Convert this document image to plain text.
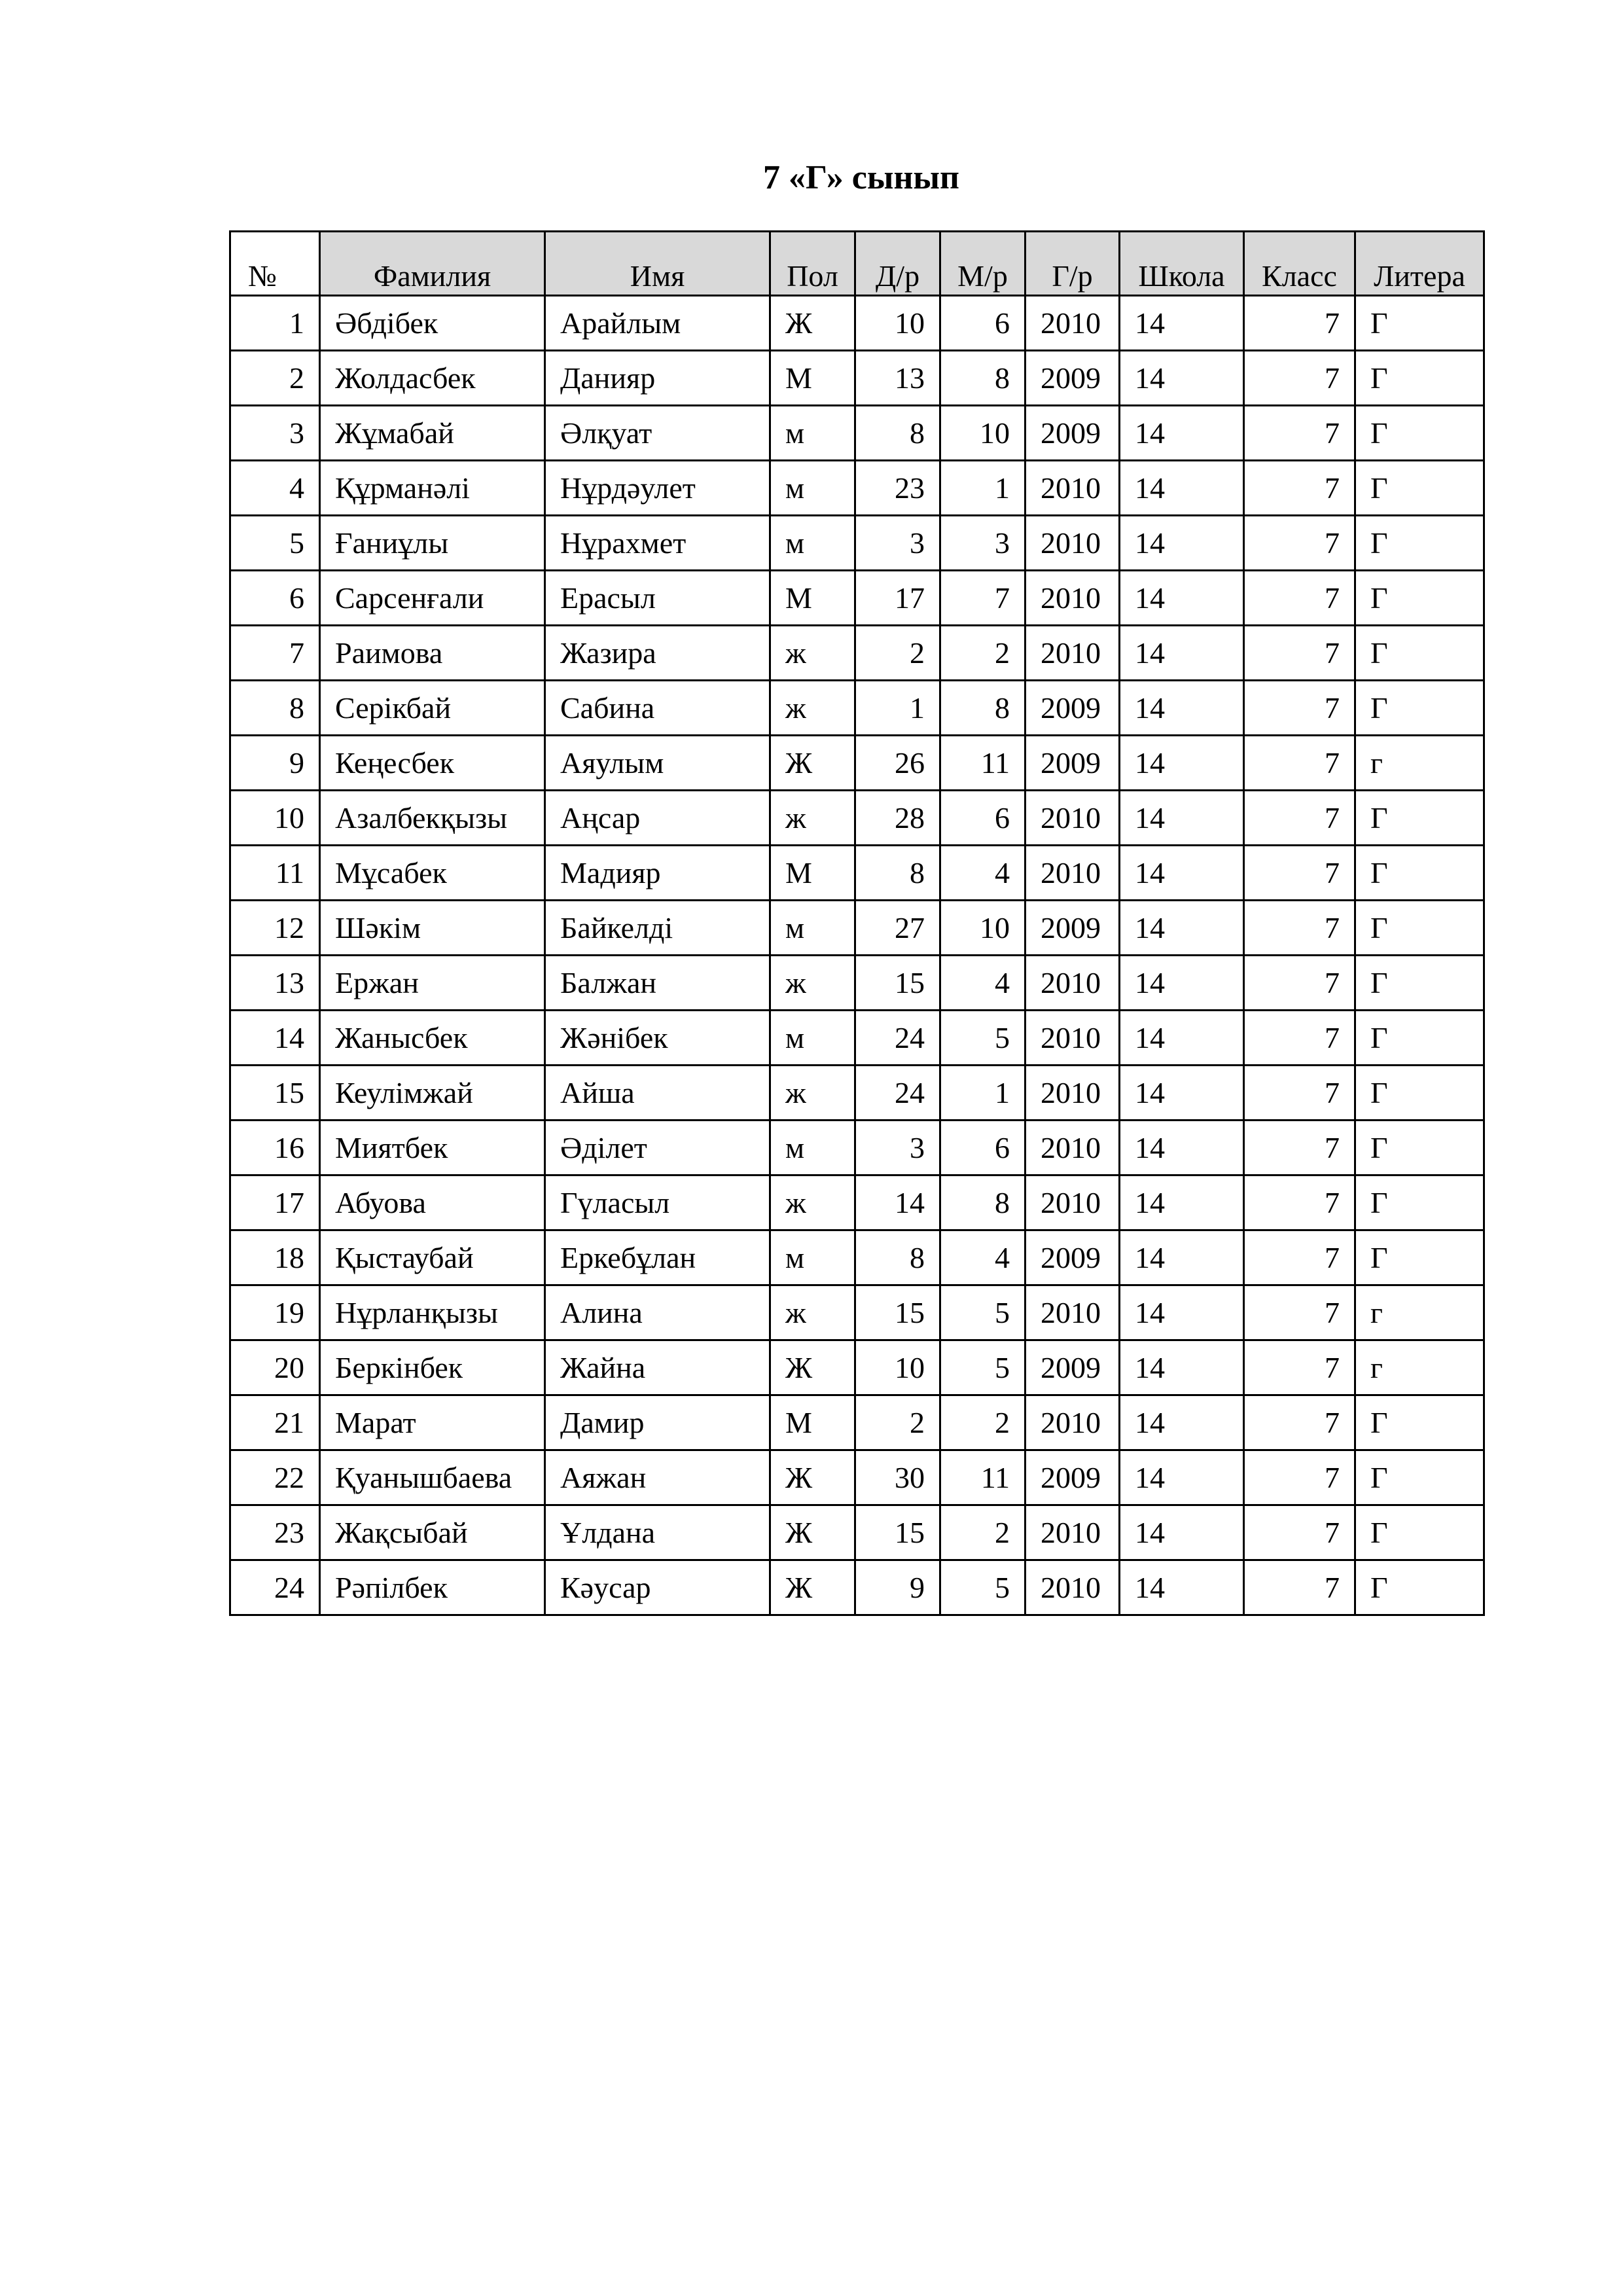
7 «Г» сынып
№	Фамилия	Имя	Пол	Д/р	М/р	Г/р	Школа	Класс	Литера
1	Әбдібек	Арайлым	Ж	10	6	2010	14	7	Г
2	Жолдасбек	Данияр	М	13	8	2009	14	7	Г
3	Жұмабай	Әлқуат	м	8	10	2009	14	7	Г
4	Құрманəлі	Нұрдəулет	м	23	1	2010	14	7	Г
5	Ғаниұлы	Нұрахмет	м	3	3	2010	14	7	Г
6	Сарсенғали	Ерасыл	М	17	7	2010	14	7	Г
7	Раимова	Жазира	ж	2	2	2010	14	7	Г
8	Серікбай	Сабина	ж	1	8	2009	14	7	Г
9	Кеңесбек	Аяулым	Ж	26	11	2009	14	7	г
10	Азалбекқызы	Аңсар	ж	28	6	2010	14	7	Г
11	Мұсабек	Мадияр	М	8	4	2010	14	7	Г
12	Шəкім	Байкелді	м	27	10	2009	14	7	Г
13	Ержан	Балжан	ж	15	4	2010	14	7	Г
14	Жанысбек	Жəнібек	м	24	5	2010	14	7	Г
15	Кеулімжай	Айша	ж	24	1	2010	14	7	Г
16	Миятбек	Әділет	м	3	6	2010	14	7	Г
17	Абуова	Гүласыл	ж	14	8	2010	14	7	Г
18	Қыстаубай	Еркебұлан	м	8	4	2009	14	7	Г
19	Нұрланқызы	Алина	ж	15	5	2010	14	7	г
20	Беркінбек	Жайна	Ж	10	5	2009	14	7	г
21	Марат	Дамир	М	2	2	2010	14	7	Г
22	Қуанышбаева	Аяжан	Ж	30	11	2009	14	7	Г
23	Жақсыбай	Ұлдана	Ж	15	2	2010	14	7	Г
24	Рəпілбек	Кəусар	Ж	9	5	2010	14	7	Г
